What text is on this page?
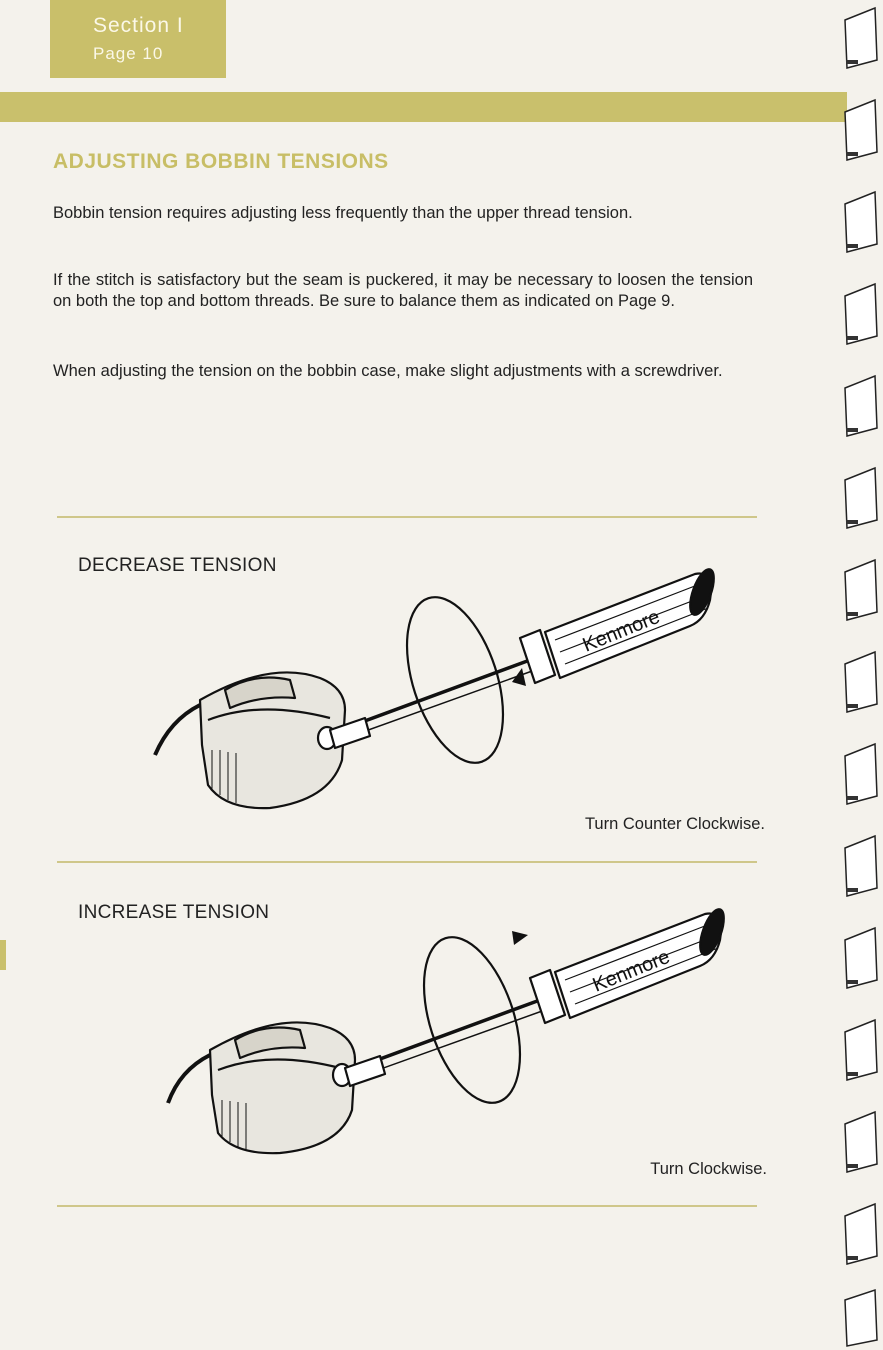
Section I
Page 10
ADJUSTING BOBBIN TENSIONS
Bobbin tension requires adjusting less frequently than the upper thread tension.
If the stitch is satisfactory but the seam is puckered, it may be necessary to loosen the tension on both the top and bottom threads. Be sure to balance them as indicated on Page 9.
When adjusting the tension on the bobbin case, make slight adjustments with a screwdriver.
DECREASE TENSION
Kenmore
Turn Counter Clockwise.
INCREASE TENSION
Kenmore
Turn Clockwise.
